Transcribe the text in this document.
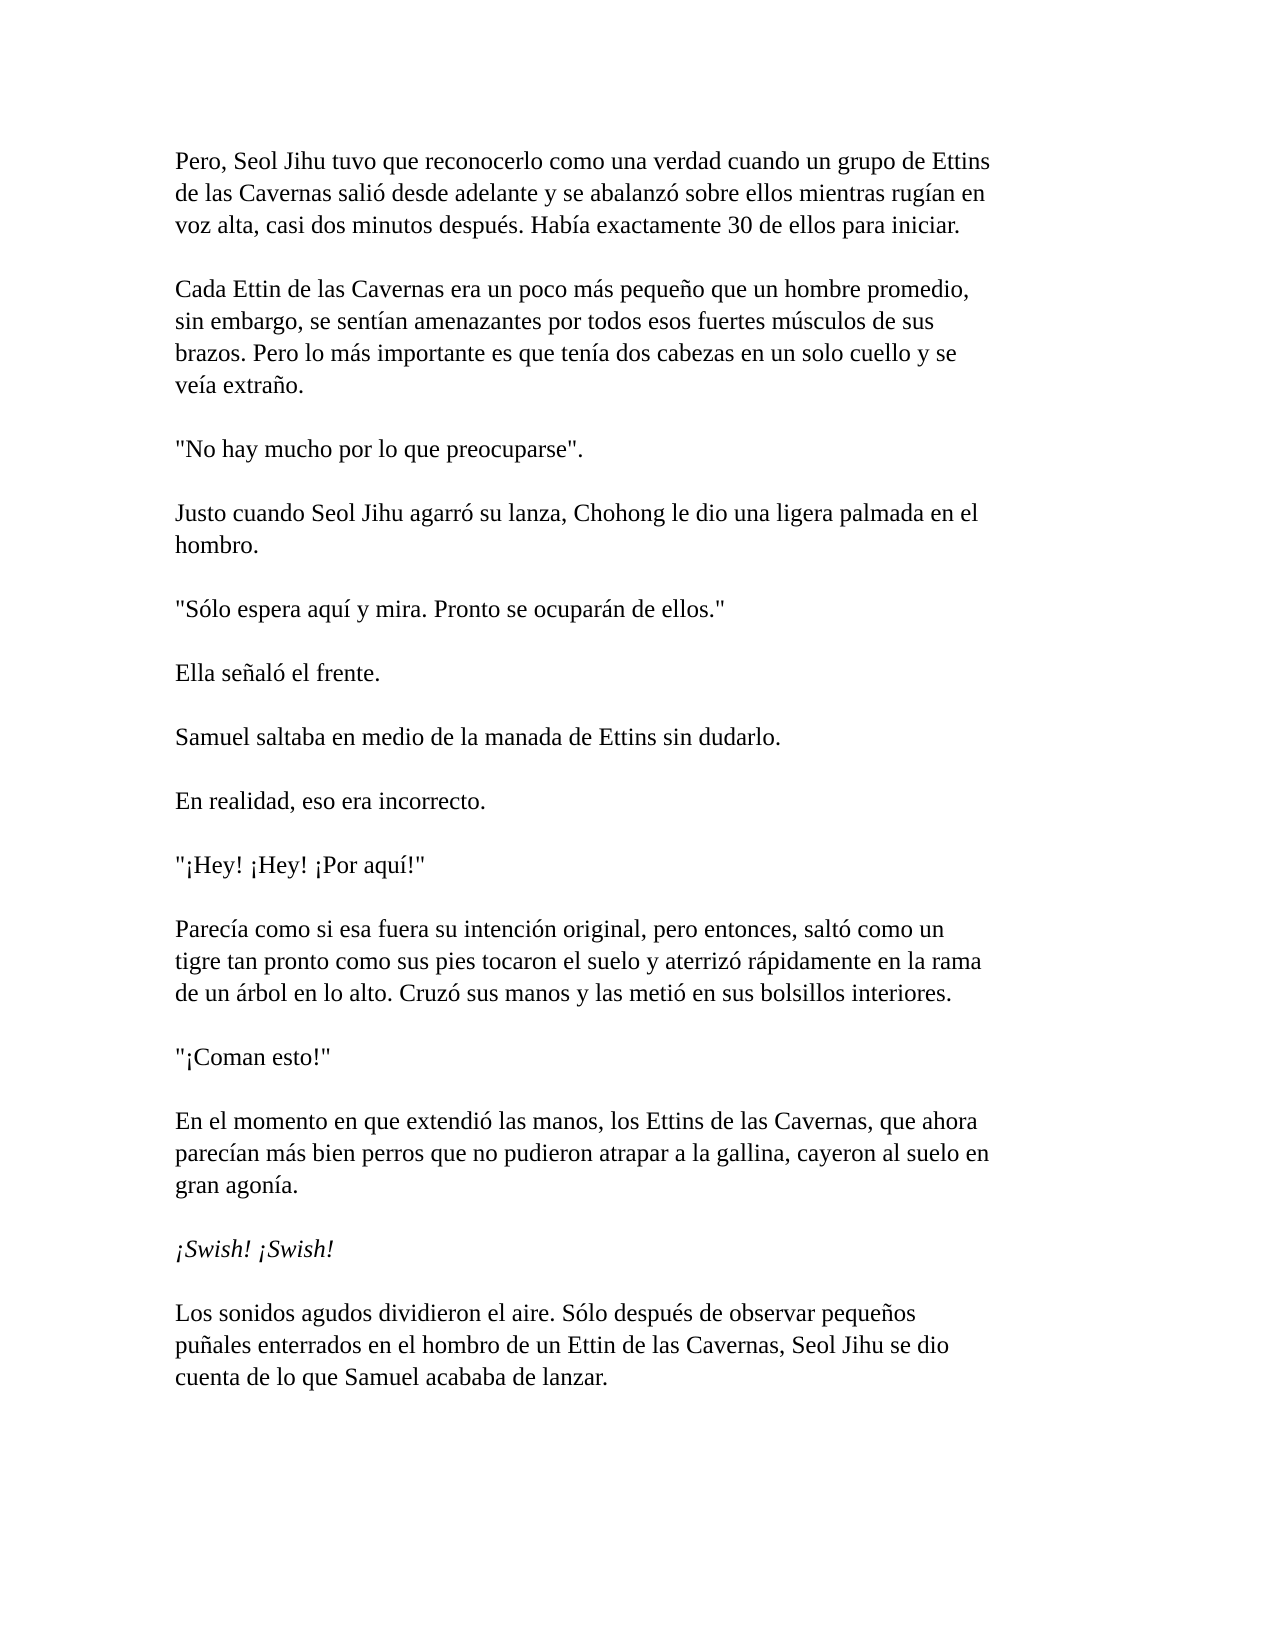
Pero, Seol Jihu tuvo que reconocerlo como una verdad cuando un grupo de Ettins
de las Cavernas salió desde adelante y se abalanzó sobre ellos mientras rugían en
voz alta, casi dos minutos después. Había exactamente 30 de ellos para iniciar.

Cada Ettin de las Cavernas era un poco más pequeño que un hombre promedio,
sin embargo, se sentían amenazantes por todos esos fuertes músculos de sus
brazos. Pero lo más importante es que tenía dos cabezas en un solo cuello y se
veía extraño.

"No hay mucho por lo que preocuparse".

Justo cuando Seol Jihu agarró su lanza, Chohong le dio una ligera palmada en el
hombro.

"Sólo espera aquí y mira. Pronto se ocuparán de ellos."

Ella señaló el frente.

Samuel saltaba en medio de la manada de Ettins sin dudarlo.

En realidad, eso era incorrecto.

"¡Hey! ¡Hey! ¡Por aquí!"

Parecía como si esa fuera su intención original, pero entonces, saltó como un
tigre tan pronto como sus pies tocaron el suelo y aterrizó rápidamente en la rama
de un árbol en lo alto. Cruzó sus manos y las metió en sus bolsillos interiores.

"¡Coman esto!"

En el momento en que extendió las manos, los Ettins de las Cavernas, que ahora
parecían más bien perros que no pudieron atrapar a la gallina, cayeron al suelo en
gran agonía.

¡Swish! ¡Swish!

Los sonidos agudos dividieron el aire. Sólo después de observar pequeños
puñales enterrados en el hombro de un Ettin de las Cavernas, Seol Jihu se dio
cuenta de lo que Samuel acababa de lanzar.
